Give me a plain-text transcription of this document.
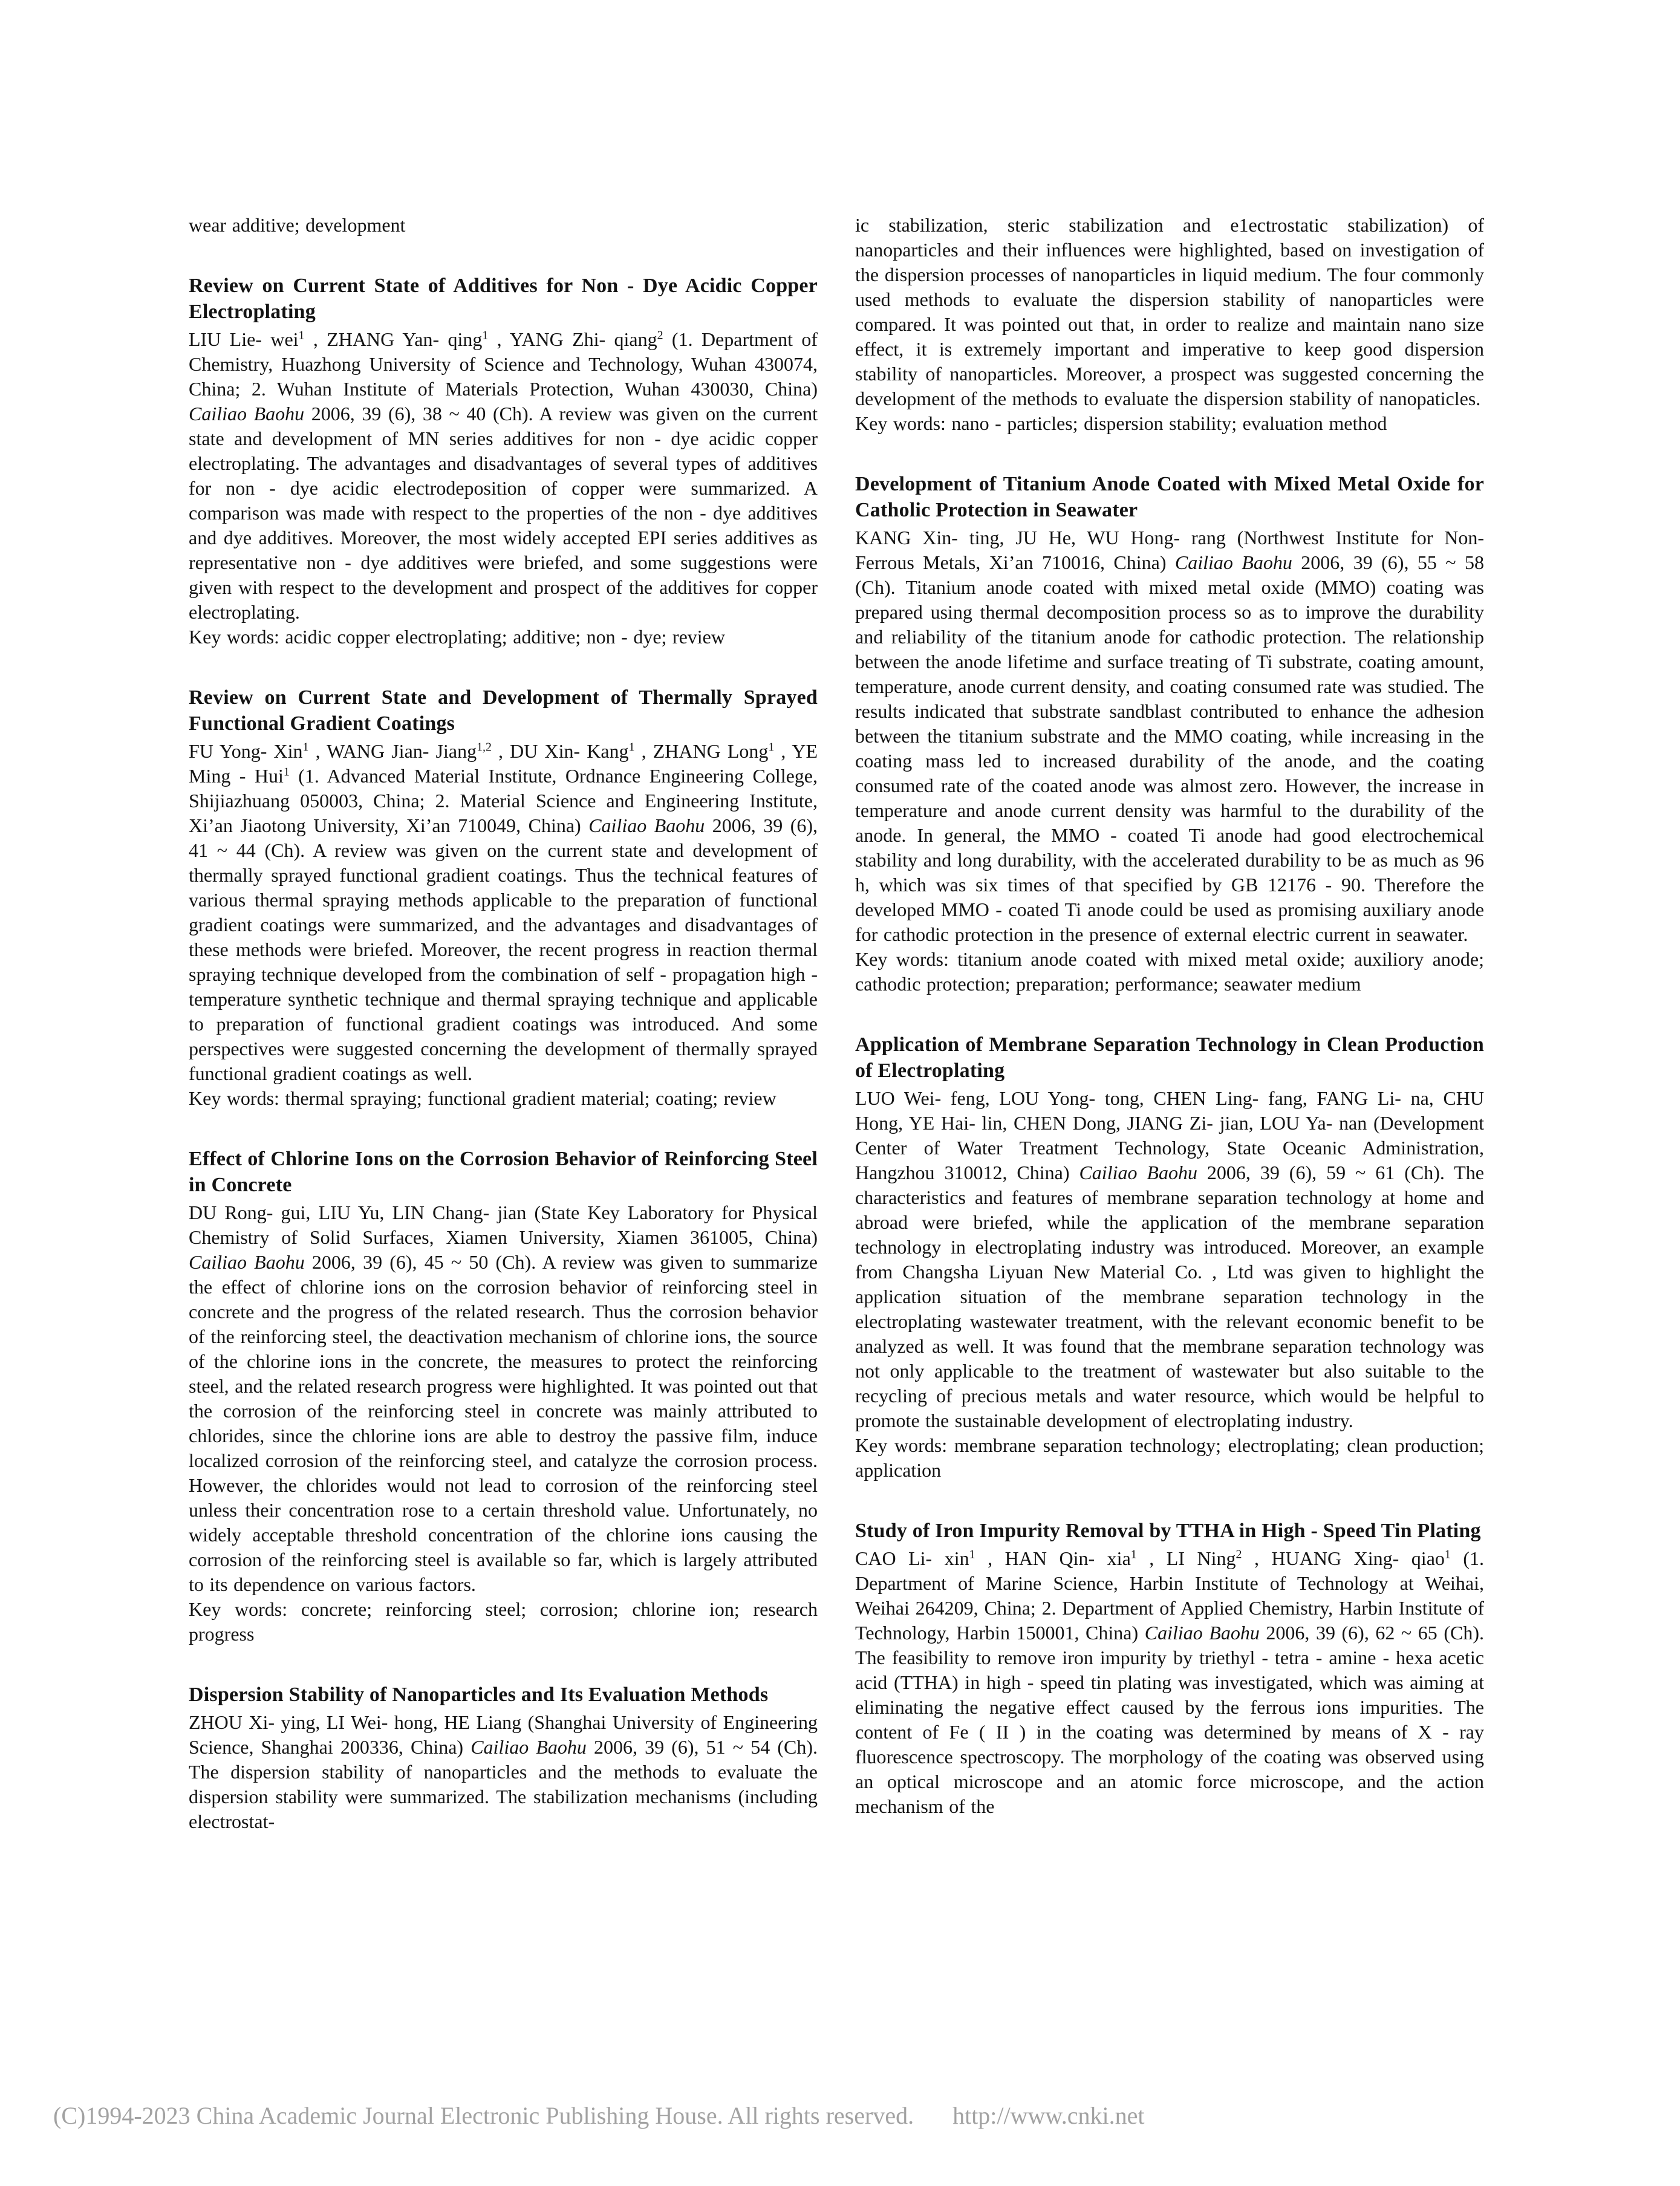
wear additive; development

Review on Current State of Additives for Non - Dye Acidic Copper Electroplating

LIU Lie- wei$^1$ , ZHANG Yan- qing$^1$ , YANG Zhi- qiang$^2$ (1. Department of Chemistry, Huazhong University of Science and Technology, Wuhan 430074, China; 2. Wuhan Institute of Materials Protection, Wuhan 430030, China) Cailiao Baohu 2006, 39 (6), 38 ~ 40 (Ch). A review was given on the current state and development of MN series additives for non - dye acidic copper electroplating. The advantages and disadvantages of several types of additives for non - dye acidic electrodeposition of copper were summarized. A comparison was made with respect to the properties of the non - dye additives and dye additives. Moreover, the most widely accepted EPI series additives as representative non - dye additives were briefed, and some suggestions were given with respect to the development and prospect of the additives for copper electroplating.

Key words: acidic copper electroplating; additive; non - dye; review

Review on Current State and Development of Thermally Sprayed Functional Gradient Coatings

FU Yong- Xin$^1$ , WANG Jian- Jiang$^{1,2}$ , DU Xin- Kang$^1$ , ZHANG Long$^1$ , YE Ming - Hui$^1$ (1. Advanced Material Institute, Ordnance Engineering College, Shijiazhuang 050003, China; 2. Material Science and Engineering Institute, Xi’an Jiaotong University, Xi’an 710049, China) Cailiao Baohu 2006, 39 (6), 41 ~ 44 (Ch). A review was given on the current state and development of thermally sprayed functional gradient coatings. Thus the technical features of various thermal spraying methods applicable to the preparation of functional gradient coatings were summarized, and the advantages and disadvantages of these methods were briefed. Moreover, the recent progress in reaction thermal spraying technique developed from the combination of self - propagation high - temperature synthetic technique and thermal spraying technique and applicable to preparation of functional gradient coatings was introduced. And some perspectives were suggested concerning the development of thermally sprayed functional gradient coatings as well.

Key words: thermal spraying; functional gradient material; coating; review

Effect of Chlorine Ions on the Corrosion Behavior of Reinforcing Steel in Concrete

DU Rong- gui, LIU Yu, LIN Chang- jian (State Key Laboratory for Physical Chemistry of Solid Surfaces, Xiamen University, Xiamen 361005, China) Cailiao Baohu 2006, 39 (6), 45 ~ 50 (Ch). A review was given to summarize the effect of chlorine ions on the corrosion behavior of reinforcing steel in concrete and the progress of the related research. Thus the corrosion behavior of the reinforcing steel, the deactivation mechanism of chlorine ions, the source of the chlorine ions in the concrete, the measures to protect the reinforcing steel, and the related research progress were highlighted. It was pointed out that the corrosion of the reinforcing steel in concrete was mainly attributed to chlorides, since the chlorine ions are able to destroy the passive film, induce localized corrosion of the reinforcing steel, and catalyze the corrosion process. However, the chlorides would not lead to corrosion of the reinforcing steel unless their concentration rose to a certain threshold value. Unfortunately, no widely acceptable threshold concentration of the chlorine ions causing the corrosion of the reinforcing steel is available so far, which is largely attributed to its dependence on various factors.

Key words: concrete; reinforcing steel; corrosion; chlorine ion; research progress

Dispersion Stability of Nanoparticles and Its Evaluation Methods

ZHOU Xi- ying, LI Wei- hong, HE Liang (Shanghai University of Engineering Science, Shanghai 200336, China) Cailiao Baohu 2006, 39 (6), 51 ~ 54 (Ch). The dispersion stability of nanoparticles and the methods to evaluate the dispersion stability were summarized. The stabilization mechanisms (including electrostat-

ic stabilization, steric stabilization and e1ectrostatic stabilization) of nanoparticles and their influences were highlighted, based on investigation of the dispersion processes of nanoparticles in liquid medium. The four commonly used methods to evaluate the dispersion stability of nanoparticles were compared. It was pointed out that, in order to realize and maintain nano size effect, it is extremely important and imperative to keep good dispersion stability of nanoparticles. Moreover, a prospect was suggested concerning the development of the methods to evaluate the dispersion stability of nanopaticles.

Key words: nano - particles; dispersion stability; evaluation method

Development of Titanium Anode Coated with Mixed Metal Oxide for Catholic Protection in Seawater

KANG Xin- ting, JU He, WU Hong- rang (Northwest Institute for Non- Ferrous Metals, Xi’an 710016, China) Cailiao Baohu 2006, 39 (6), 55 ~ 58 (Ch). Titanium anode coated with mixed metal oxide (MMO) coating was prepared using thermal decomposition process so as to improve the durability and reliability of the titanium anode for cathodic protection. The relationship between the anode lifetime and surface treating of Ti substrate, coating amount, temperature, anode current density, and coating consumed rate was studied. The results indicated that substrate sandblast contributed to enhance the adhesion between the titanium substrate and the MMO coating, while increasing in the coating mass led to increased durability of the anode, and the coating consumed rate of the coated anode was almost zero. However, the increase in temperature and anode current density was harmful to the durability of the anode. In general, the MMO - coated Ti anode had good electrochemical stability and long durability, with the accelerated durability to be as much as 96 h, which was six times of that specified by GB 12176 - 90. Therefore the developed MMO - coated Ti anode could be used as promising auxiliary anode for cathodic protection in the presence of external electric current in seawater.

Key words: titanium anode coated with mixed metal oxide; auxiliory anode; cathodic protection; preparation; performance; seawater medium

Application of Membrane Separation Technology in Clean Production of Electroplating

LUO Wei- feng, LOU Yong- tong, CHEN Ling- fang, FANG Li- na, CHU Hong, YE Hai- lin, CHEN Dong, JIANG Zi- jian, LOU Ya- nan (Development Center of Water Treatment Technology, State Oceanic Administration, Hangzhou 310012, China) Cailiao Baohu 2006, 39 (6), 59 ~ 61 (Ch). The characteristics and features of membrane separation technology at home and abroad were briefed, while the application of the membrane separation technology in electroplating industry was introduced. Moreover, an example from Changsha Liyuan New Material Co. , Ltd was given to highlight the application situation of the membrane separation technology in the electroplating wastewater treatment, with the relevant economic benefit to be analyzed as well. It was found that the membrane separation technology was not only applicable to the treatment of wastewater but also suitable to the recycling of precious metals and water resource, which would be helpful to promote the sustainable development of electroplating industry.

Key words: membrane separation technology; electroplating; clean production; application

Study of Iron Impurity Removal by TTHA in High - Speed Tin Plating

CAO Li- xin$^1$ , HAN Qin- xia$^1$ , LI Ning$^2$ , HUANG Xing- qiao$^1$ (1. Department of Marine Science, Harbin Institute of Technology at Weihai, Weihai 264209, China; 2. Department of Applied Chemistry, Harbin Institute of Technology, Harbin 150001, China) Cailiao Baohu 2006, 39 (6), 62 ~ 65 (Ch). The feasibility to remove iron impurity by triethyl - tetra - amine - hexa acetic acid (TTHA) in high - speed tin plating was investigated, which was aiming at eliminating the negative effect caused by the ferrous ions impurities. The content of Fe ( II ) in the coating was determined by means of X - ray fluorescence spectroscopy. The morphology of the coating was observed using an optical microscope and an atomic force microscope, and the action mechanism of the

(C)1994-2023 China Academic Journal Electronic Publishing House. All rights reserved. http://www.cnki.net
